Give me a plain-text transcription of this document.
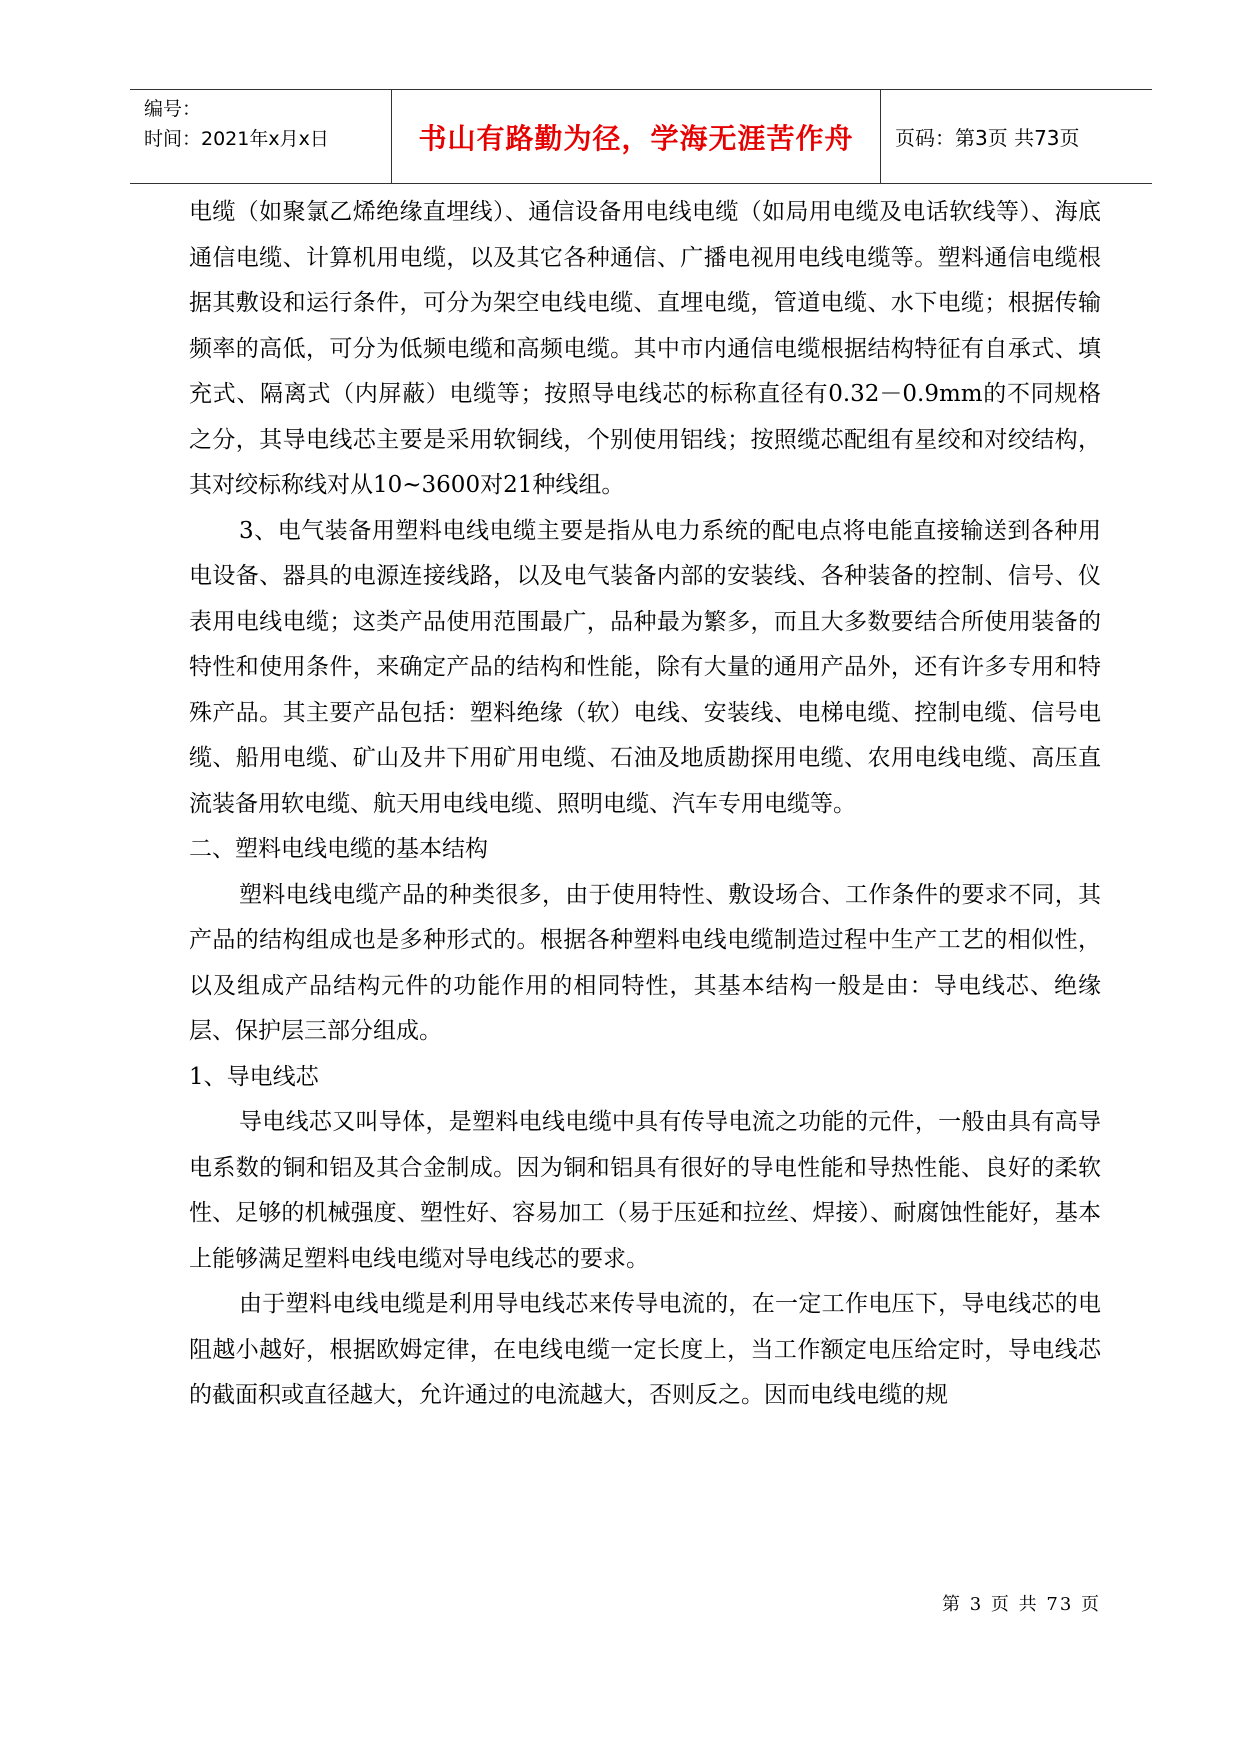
编号：
时间：2021年x月x日	书山有路勤为径，学海无涯苦作舟	页码：第3页 共73页

电缆（如聚氯乙烯绝缘直埋线）、通信设备用电线电缆（如局用电缆及电话软线等）、海底通信电缆、计算机用电缆，以及其它各种通信、广播电视用电线电缆等。塑料通信电缆根据其敷设和运行条件，可分为架空电线电缆、直埋电缆，管道电缆、水下电缆；根据传输频率的高低，可分为低频电缆和高频电缆。其中市内通信电缆根据结构特征有自承式、填充式、隔离式（内屏蔽）电缆等；按照导电线芯的标称直径有0.32－0.9mm的不同规格之分，其导电线芯主要是采用软铜线，个别使用铝线；按照缆芯配组有星绞和对绞结构，其对绞标称线对从10~3600对21种线组。

3、电气装备用塑料电线电缆主要是指从电力系统的配电点将电能直接输送到各种用电设备、器具的电源连接线路，以及电气装备内部的安装线、各种装备的控制、信号、仪表用电线电缆；这类产品使用范围最广，品种最为繁多，而且大多数要结合所使用装备的特性和使用条件，来确定产品的结构和性能，除有大量的通用产品外，还有许多专用和特殊产品。其主要产品包括：塑料绝缘（软）电线、安装线、电梯电缆、控制电缆、信号电缆、船用电缆、矿山及井下用矿用电缆、石油及地质勘探用电缆、农用电线电缆、高压直流装备用软电缆、航天用电线电缆、照明电缆、汽车专用电缆等。

二、塑料电线电缆的基本结构

塑料电线电缆产品的种类很多，由于使用特性、敷设场合、工作条件的要求不同，其产品的结构组成也是多种形式的。根据各种塑料电线电缆制造过程中生产工艺的相似性，以及组成产品结构元件的功能作用的相同特性，其基本结构一般是由：导电线芯、绝缘层、保护层三部分组成。

1、导电线芯

导电线芯又叫导体，是塑料电线电缆中具有传导电流之功能的元件，一般由具有高导电系数的铜和铝及其合金制成。因为铜和铝具有很好的导电性能和导热性能、良好的柔软性、足够的机械强度、塑性好、容易加工（易于压延和拉丝、焊接）、耐腐蚀性能好，基本上能够满足塑料电线电缆对导电线芯的要求。

由于塑料电线电缆是利用导电线芯来传导电流的，在一定工作电压下，导电线芯的电阻越小越好，根据欧姆定律，在电线电缆一定长度上，当工作额定电压给定时，导电线芯的截面积或直径越大，允许通过的电流越大，否则反之。因而电线电缆的规

第 3 页 共 73 页
